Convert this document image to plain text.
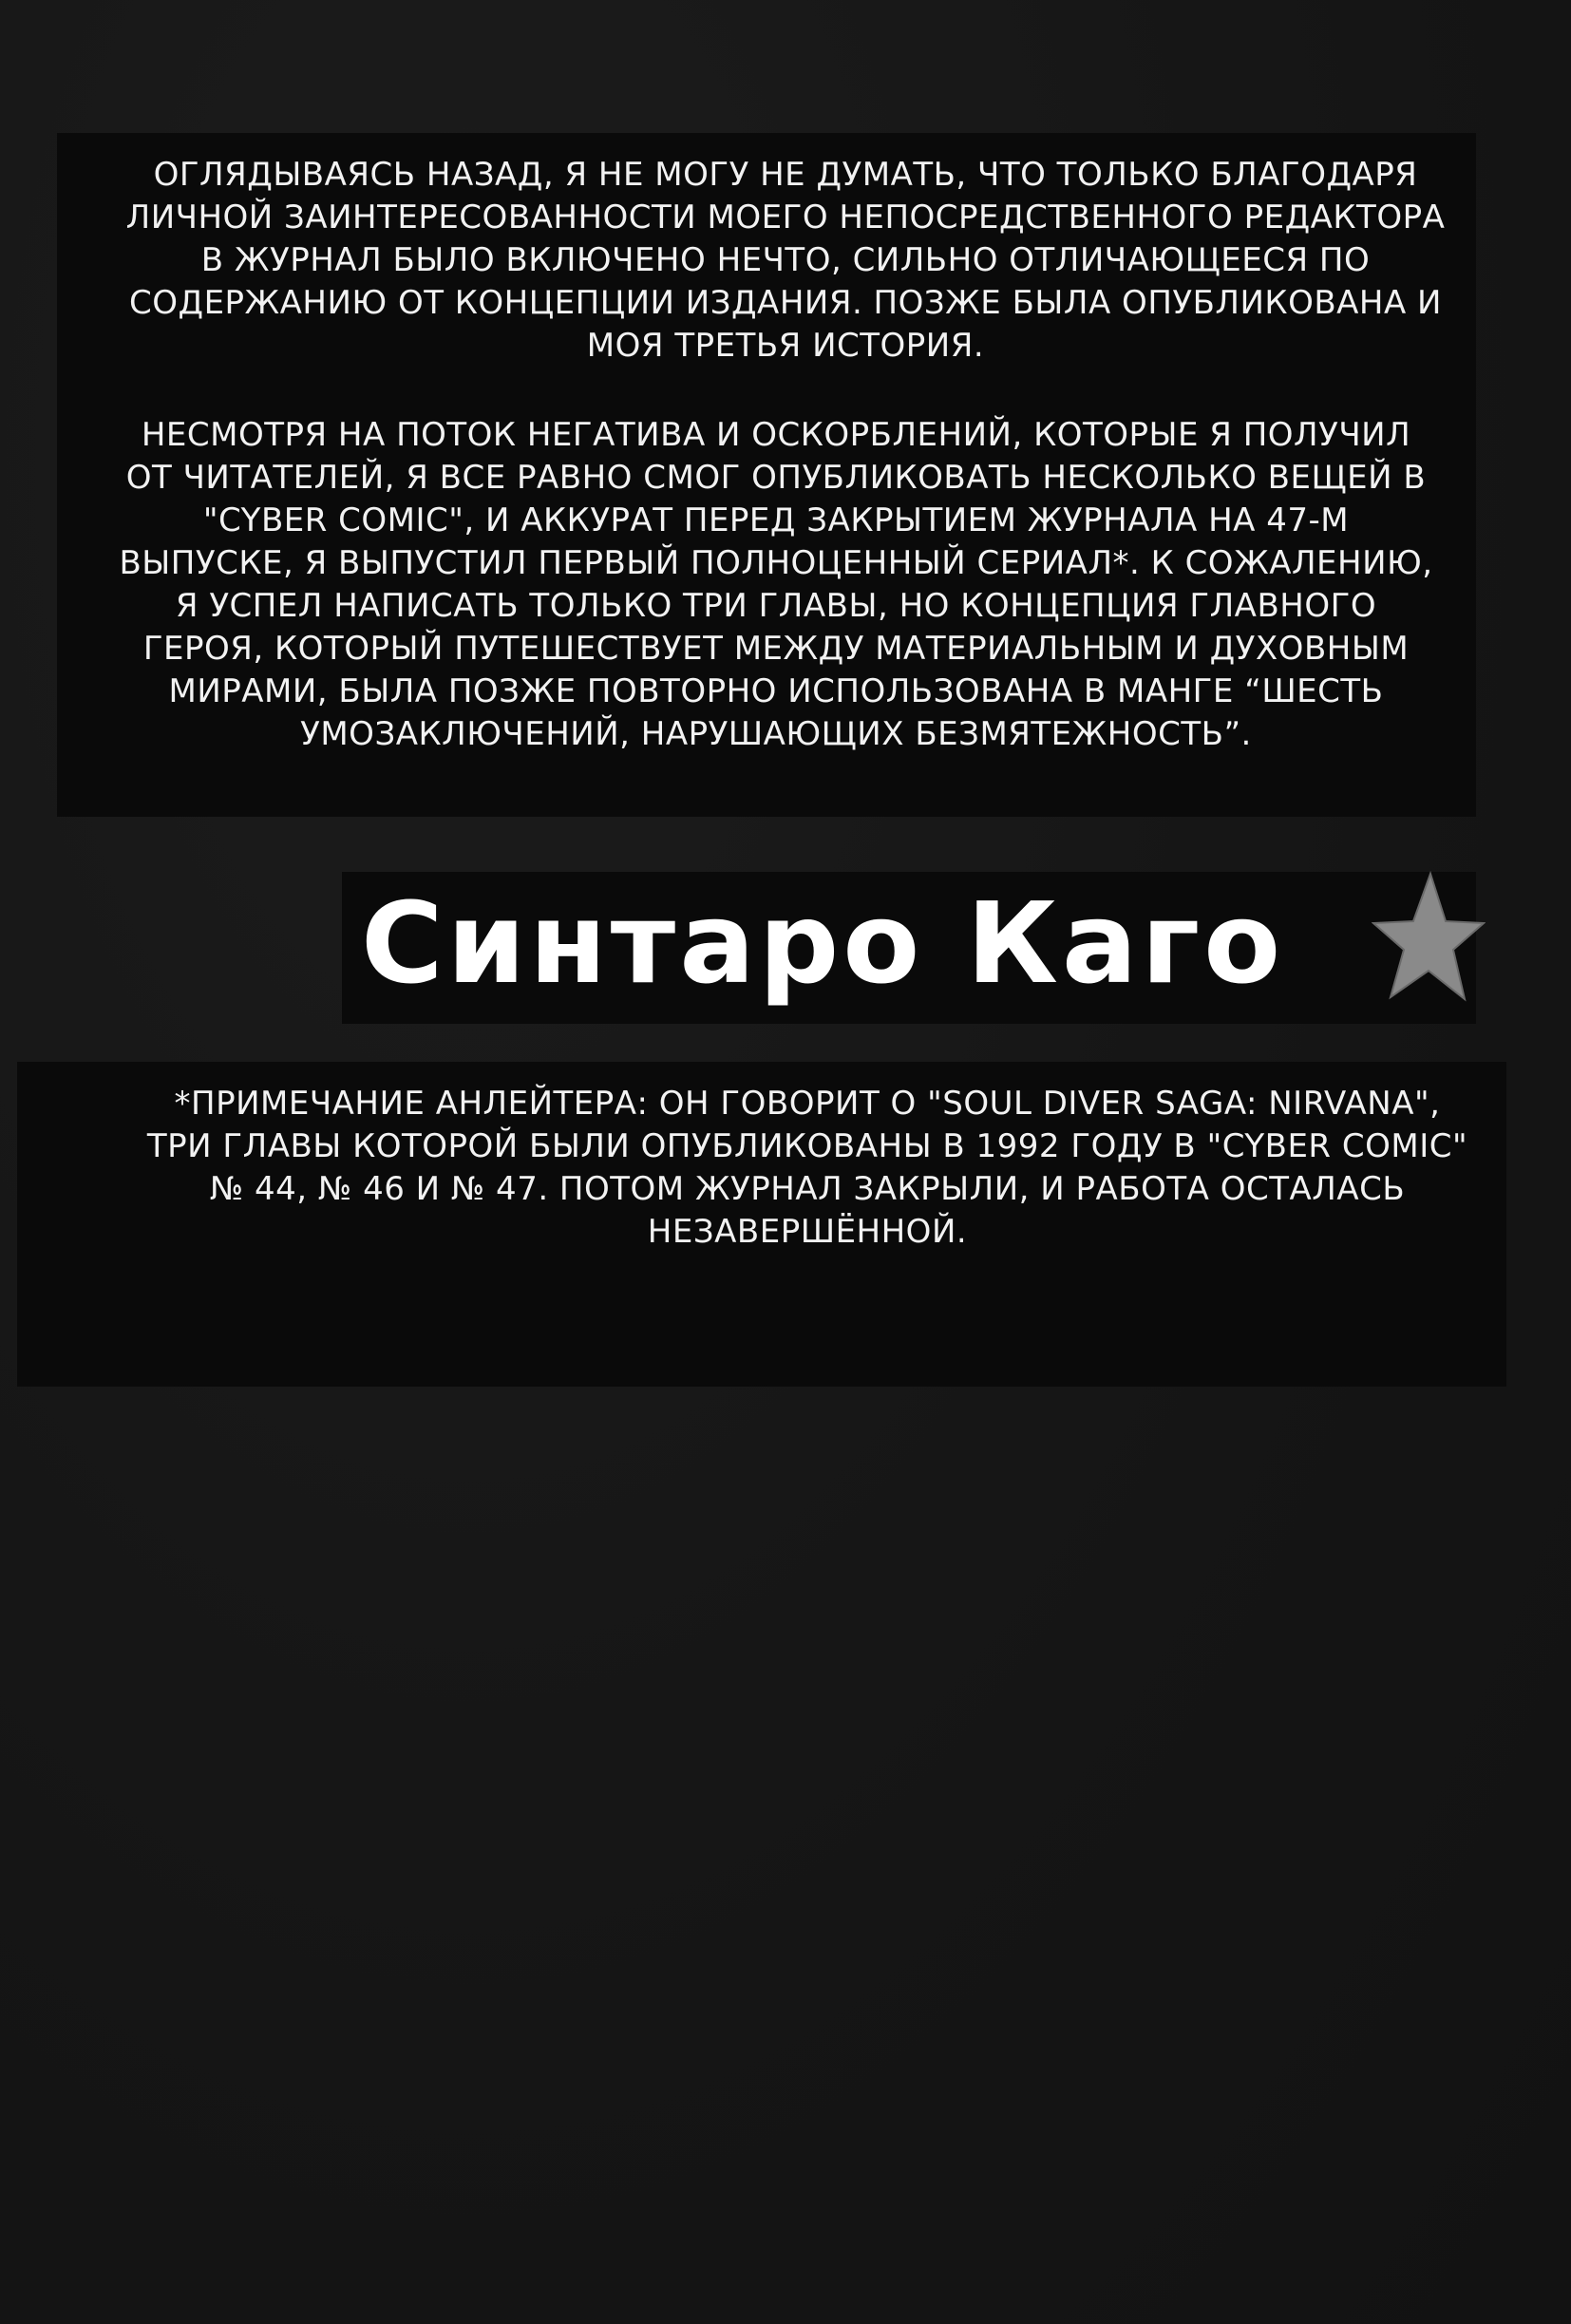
ОГЛЯДЫВАЯСЬ НАЗАД, Я НЕ МОГУ НЕ ДУМАТЬ, ЧТО ТОЛЬКО БЛАГОДАРЯ
ЛИЧНОЙ ЗАИНТЕРЕСОВАННОСТИ МОЕГО НЕПОСРЕДСТВЕННОГО РЕДАКТОРА
В ЖУРНАЛ БЫЛО ВКЛЮЧЕНО НЕЧТО, СИЛЬНО ОТЛИЧАЮЩЕЕСЯ ПО
СОДЕРЖАНИЮ ОТ КОНЦЕПЦИИ ИЗДАНИЯ. ПОЗЖЕ БЫЛА ОПУБЛИКОВАНА И
МОЯ ТРЕТЬЯ ИСТОРИЯ.
НЕСМОТРЯ НА ПОТОК НЕГАТИВА И ОСКОРБЛЕНИЙ, КОТОРЫЕ Я ПОЛУЧИЛ
ОТ ЧИТАТЕЛЕЙ, Я ВСЕ РАВНО СМОГ ОПУБЛИКОВАТЬ НЕСКОЛЬКО ВЕЩЕЙ В
"CYBER COMIC", И АККУРАТ ПЕРЕД ЗАКРЫТИЕМ ЖУРНАЛА НА 47-М
ВЫПУСКЕ, Я ВЫПУСТИЛ ПЕРВЫЙ ПОЛНОЦЕННЫЙ СЕРИАЛ*. К СОЖАЛЕНИЮ,
Я УСПЕЛ НАПИСАТЬ ТОЛЬКО ТРИ ГЛАВЫ, НО КОНЦЕПЦИЯ ГЛАВНОГО
ГЕРОЯ, КОТОРЫЙ ПУТЕШЕСТВУЕТ МЕЖДУ МАТЕРИАЛЬНЫМ И ДУХОВНЫМ
МИРАМИ, БЫЛА ПОЗЖЕ ПОВТОРНО ИСПОЛЬЗОВАНА В МАНГЕ “ШЕСТЬ
УМОЗАКЛЮЧЕНИЙ, НАРУШАЮЩИХ БЕЗМЯТЕЖНОСТЬ”.
Синтаро Каго
*ПРИМЕЧАНИЕ АНЛЕЙТЕРА: ОН ГОВОРИТ О "SOUL DIVER SAGA: NIRVANA",
ТРИ ГЛАВЫ КОТОРОЙ БЫЛИ ОПУБЛИКОВАНЫ В 1992 ГОДУ В "CYBER COMIC"
№ 44, № 46 И № 47. ПОТОМ ЖУРНАЛ ЗАКРЫЛИ, И РАБОТА ОСТАЛАСЬ
НЕЗАВЕРШЁННОЙ.
